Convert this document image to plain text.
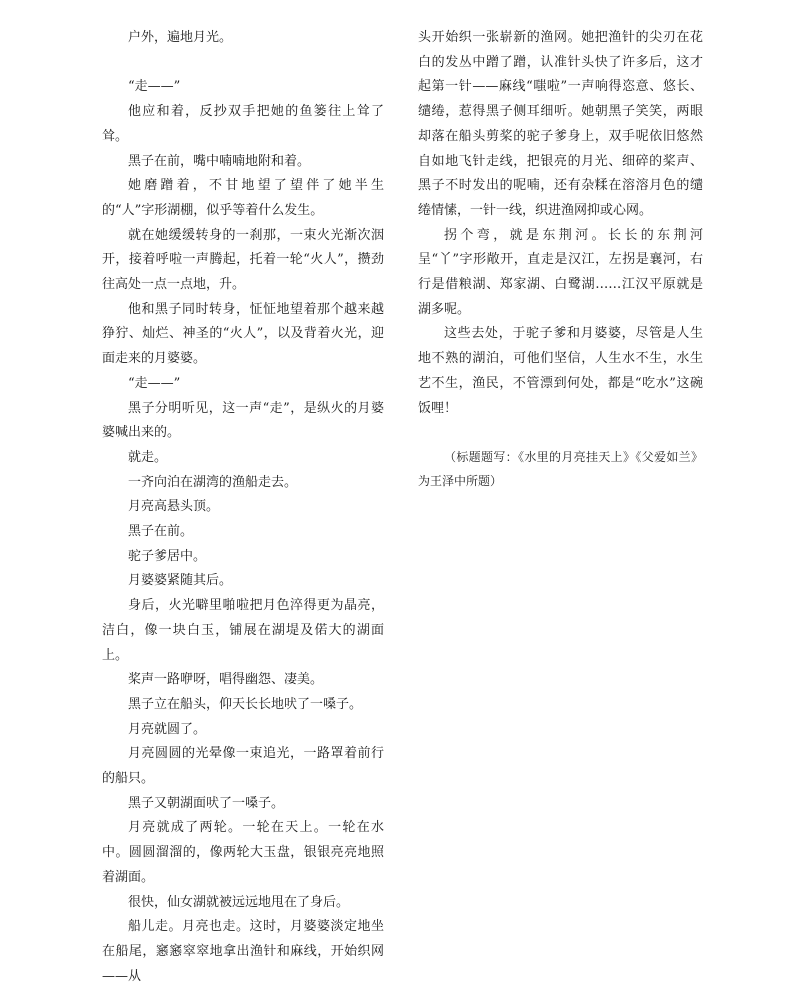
户外，遍地月光。

“走——”

他应和着，反抄双手把她的鱼篓往上耸了耸。

黑子在前，嘴中喃喃地附和着。

她磨蹭着，不甘地望了望伴了她半生的“人”字形湖棚，似乎等着什么发生。

就在她缓缓转身的一刹那，一束火光渐次洇开，接着呼啦一声腾起，托着一轮“火人”，攒劲往高处一点一点地，升。

他和黑子同时转身，怔怔地望着那个越来越狰狞、灿烂、神圣的“火人”，以及背着火光，迎面走来的月婆婆。

“走——”

黑子分明听见，这一声“走”，是纵火的月婆婆喊出来的。

就走。

一齐向泊在湖湾的渔船走去。

月亮高悬头顶。

黑子在前。

驼子爹居中。

月婆婆紧随其后。

身后，火光噼里啪啦把月色淬得更为晶亮，洁白，像一块白玉，铺展在湖堤及偌大的湖面上。

桨声一路咿呀，唱得幽怨、凄美。

黑子立在船头，仰天长长地吠了一嗓子。

月亮就圆了。

月亮圆圆的光晕像一束追光，一路罩着前行的船只。

黑子又朝湖面吠了一嗓子。

月亮就成了两轮。一轮在天上。一轮在水中。圆圆溜溜的，像两轮大玉盘，银银亮亮地照着湖面。

很快，仙女湖就被远远地甩在了身后。

船儿走。月亮也走。这时，月婆婆淡定地坐在船尾，窸窸窣窣地拿出渔针和麻线，开始织网——从

头开始织一张崭新的渔网。她把渔针的尖刃在花白的发丛中蹭了蹭，认准针头快了许多后，这才起第一针——麻线“嗤啦”一声响得恣意、悠长、缱绻，惹得黑子侧耳细听。她朝黑子笑笑，两眼却落在船头剪桨的驼子爹身上，双手呢依旧悠然自如地飞针走线，把银亮的月光、细碎的桨声、黑子不时发出的呢喃，还有杂糅在溶溶月色的缱绻情愫，一针一线，织进渔网抑或心网。

拐个弯，就是东荆河。长长的东荆河呈“丫”字形敞开，直走是汉江，左拐是襄河，右行是借粮湖、郑家湖、白鹭湖……江汉平原就是湖多呢。

这些去处，于驼子爹和月婆婆，尽管是人生地不熟的湖泊，可他们坚信，人生水不生，水生艺不生，渔民，不管漂到何处，都是“吃水”这碗饭哩！

（标题题写：《水里的月亮挂天上》《父爱如兰》为王泽中所题）
